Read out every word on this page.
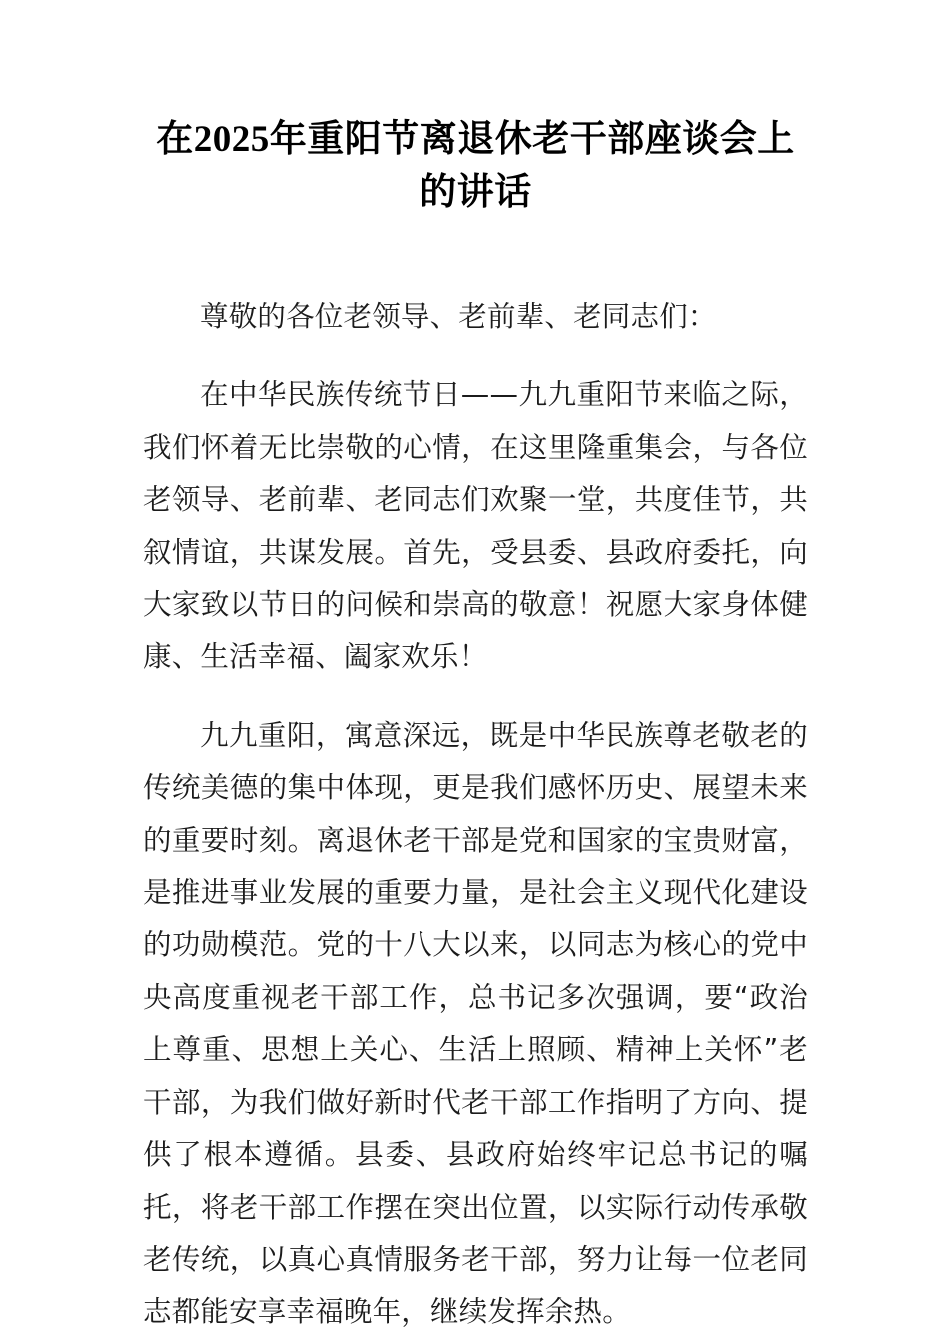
在2025年重阳节离退休老干部座谈会上的讲话

尊敬的各位老领导、老前辈、老同志们：

在中华民族传统节日——九九重阳节来临之际，我们怀着无比崇敬的心情，在这里隆重集会，与各位老领导、老前辈、老同志们欢聚一堂，共度佳节，共叙情谊，共谋发展。首先，受县委、县政府委托，向大家致以节日的问候和崇高的敬意！祝愿大家身体健康、生活幸福、阖家欢乐！

九九重阳，寓意深远，既是中华民族尊老敬老的传统美德的集中体现，更是我们感怀历史、展望未来的重要时刻。离退休老干部是党和国家的宝贵财富，是推进事业发展的重要力量，是社会主义现代化建设的功勋模范。党的十八大以来，以同志为核心的党中央高度重视老干部工作，总书记多次强调，要“政治上尊重、思想上关心、生活上照顾、精神上关怀”老干部，为我们做好新时代老干部工作指明了方向、提供了根本遵循。县委、县政府始终牢记总书记的嘱托，将老干部工作摆在突出位置，以实际行动传承敬老传统，以真心真情服务老干部，努力让每一位老同志都能安享幸福晚年，继续发挥余热。
